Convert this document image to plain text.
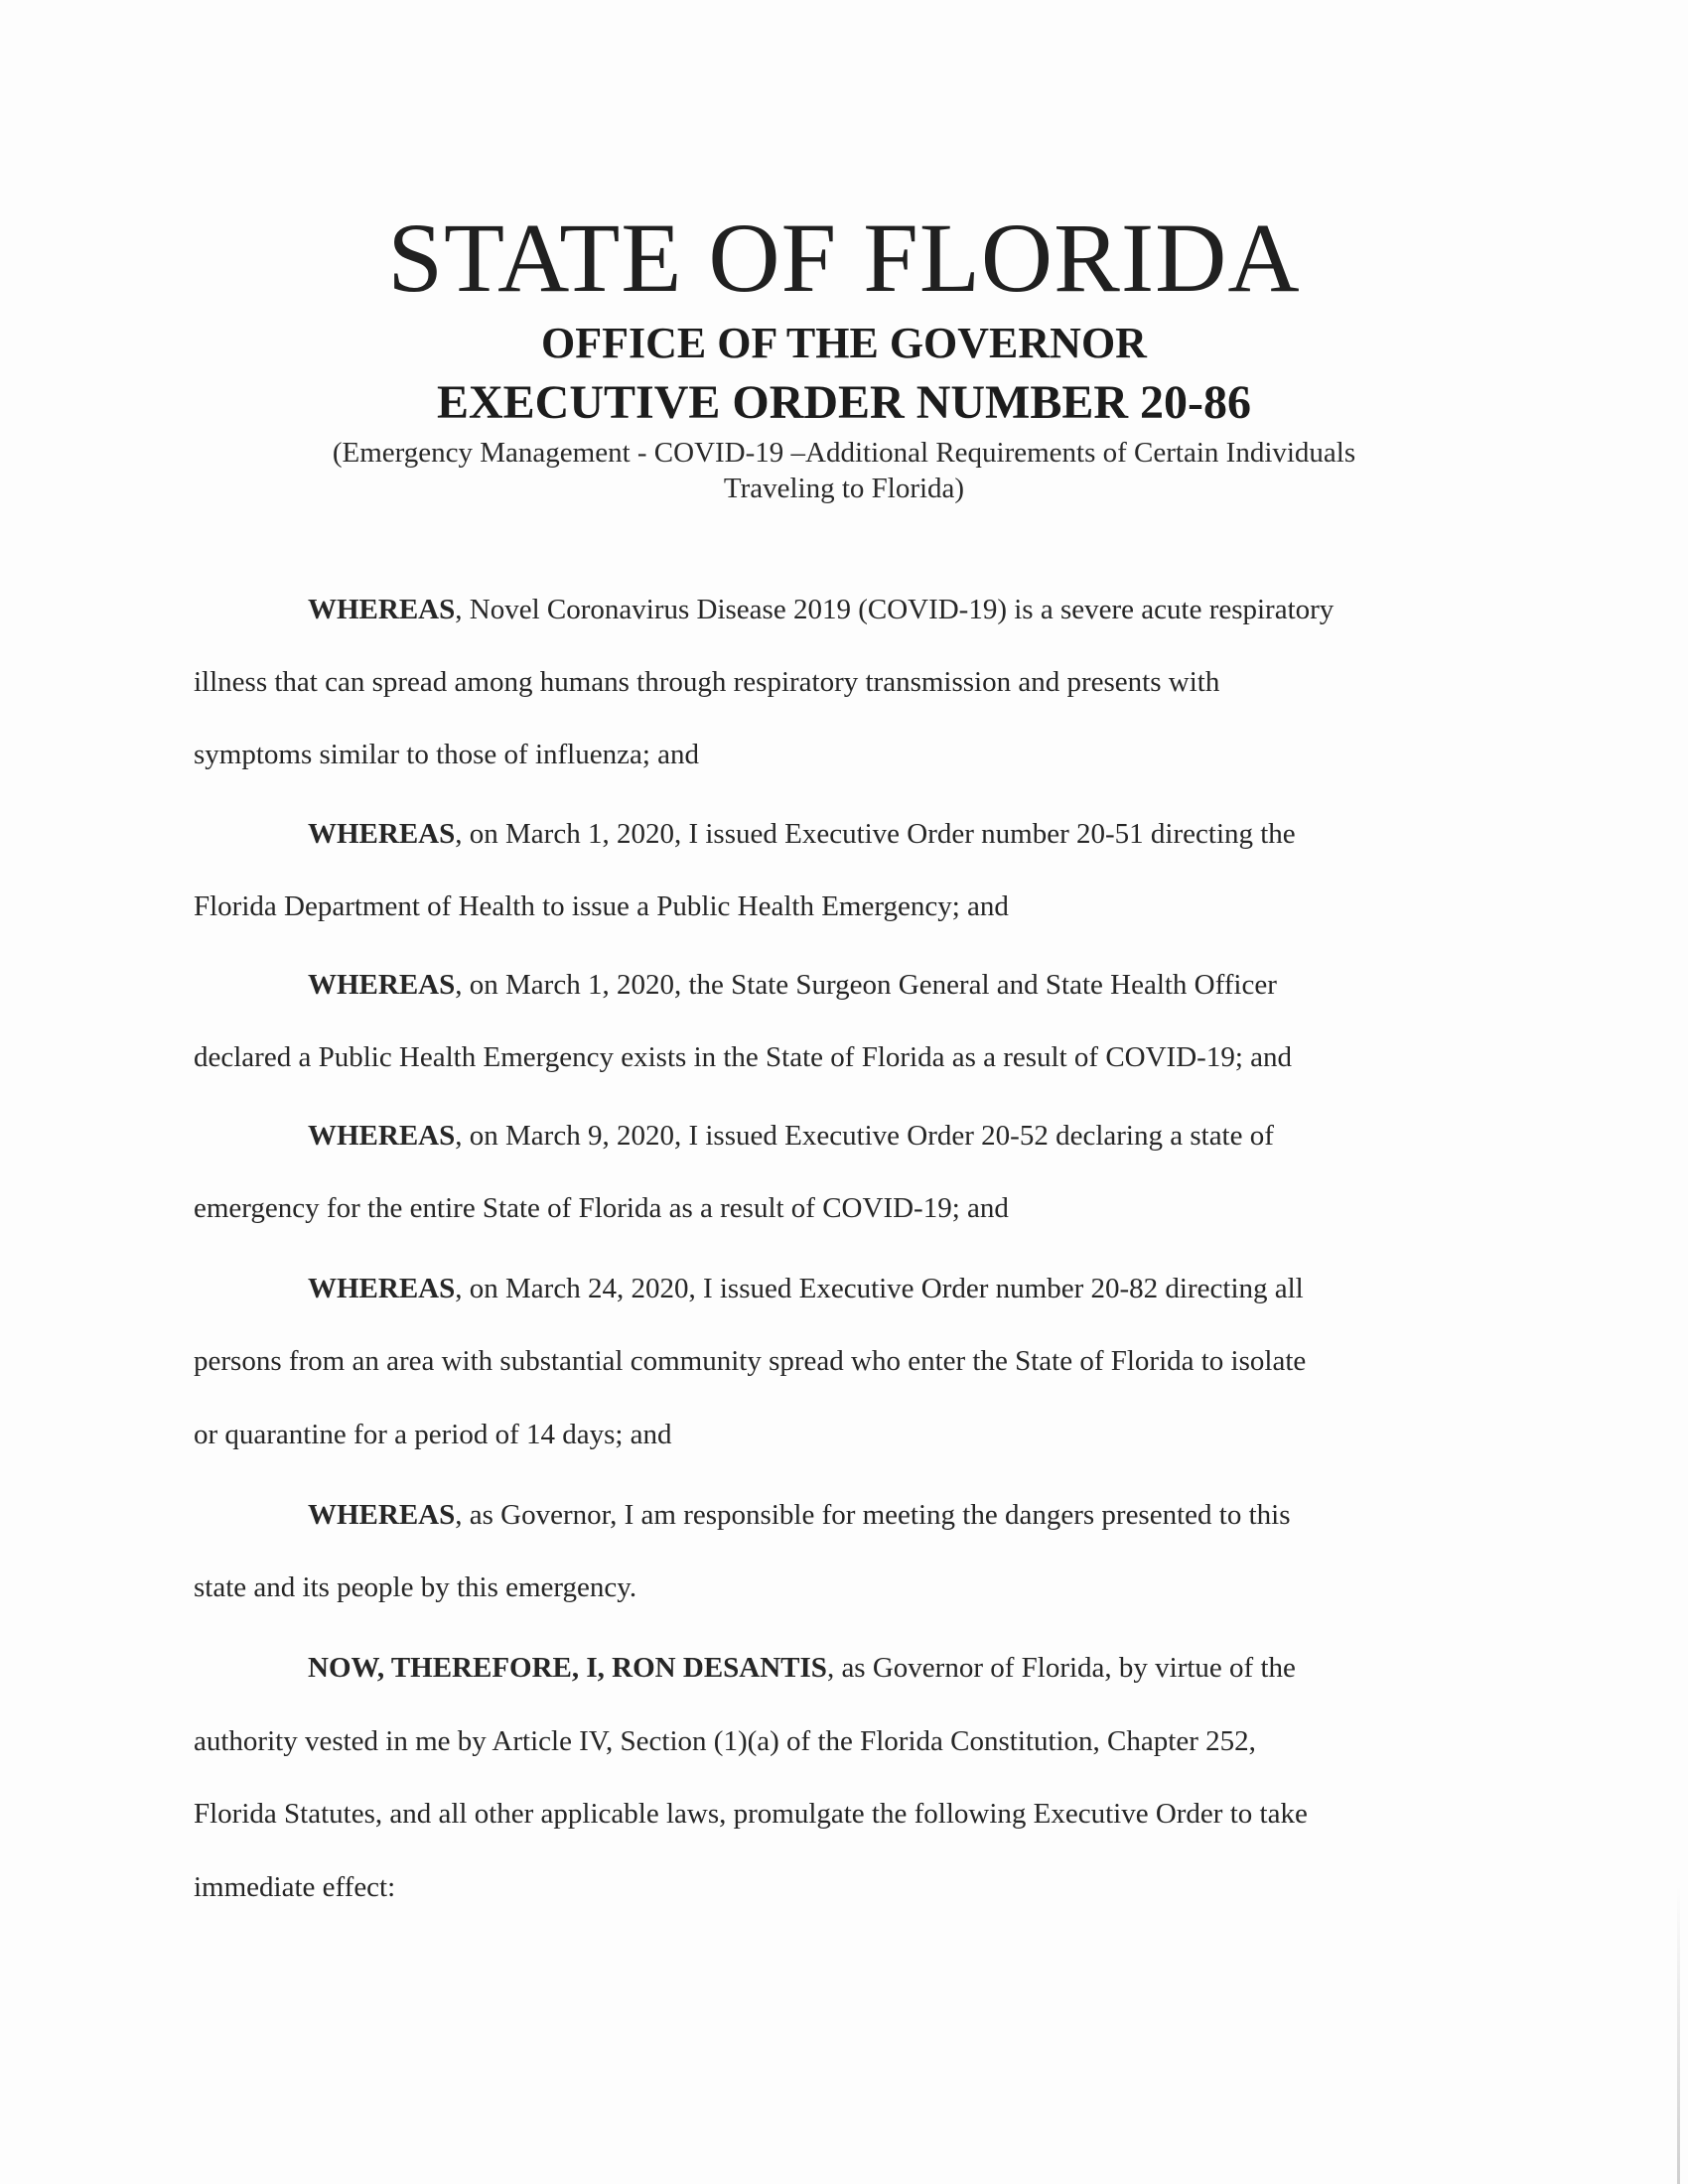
STATE OF FLORIDA
OFFICE OF THE GOVERNOR
EXECUTIVE ORDER NUMBER 20-86
(Emergency Management - COVID-19 –Additional Requirements of Certain Individuals
Traveling to Florida)
WHEREAS, Novel Coronavirus Disease 2019 (COVID-19) is a severe acute respiratory
illness that can spread among humans through respiratory transmission and presents with
symptoms similar to those of influenza; and
WHEREAS, on March 1, 2020, I issued Executive Order number 20-51 directing the
Florida Department of Health to issue a Public Health Emergency; and
WHEREAS, on March 1, 2020, the State Surgeon General and State Health Officer
declared a Public Health Emergency exists in the State of Florida as a result of COVID-19; and
WHEREAS, on March 9, 2020, I issued Executive Order 20-52 declaring a state of
emergency for the entire State of Florida as a result of COVID-19; and
WHEREAS, on March 24, 2020, I issued Executive Order number 20-82 directing all
persons from an area with substantial community spread who enter the State of Florida to isolate
or quarantine for a period of 14 days; and
WHEREAS, as Governor, I am responsible for meeting the dangers presented to this
state and its people by this emergency.
NOW, THEREFORE, I, RON DESANTIS, as Governor of Florida, by virtue of the
authority vested in me by Article IV, Section (1)(a) of the Florida Constitution, Chapter 252,
Florida Statutes, and all other applicable laws, promulgate the following Executive Order to take
immediate effect:
